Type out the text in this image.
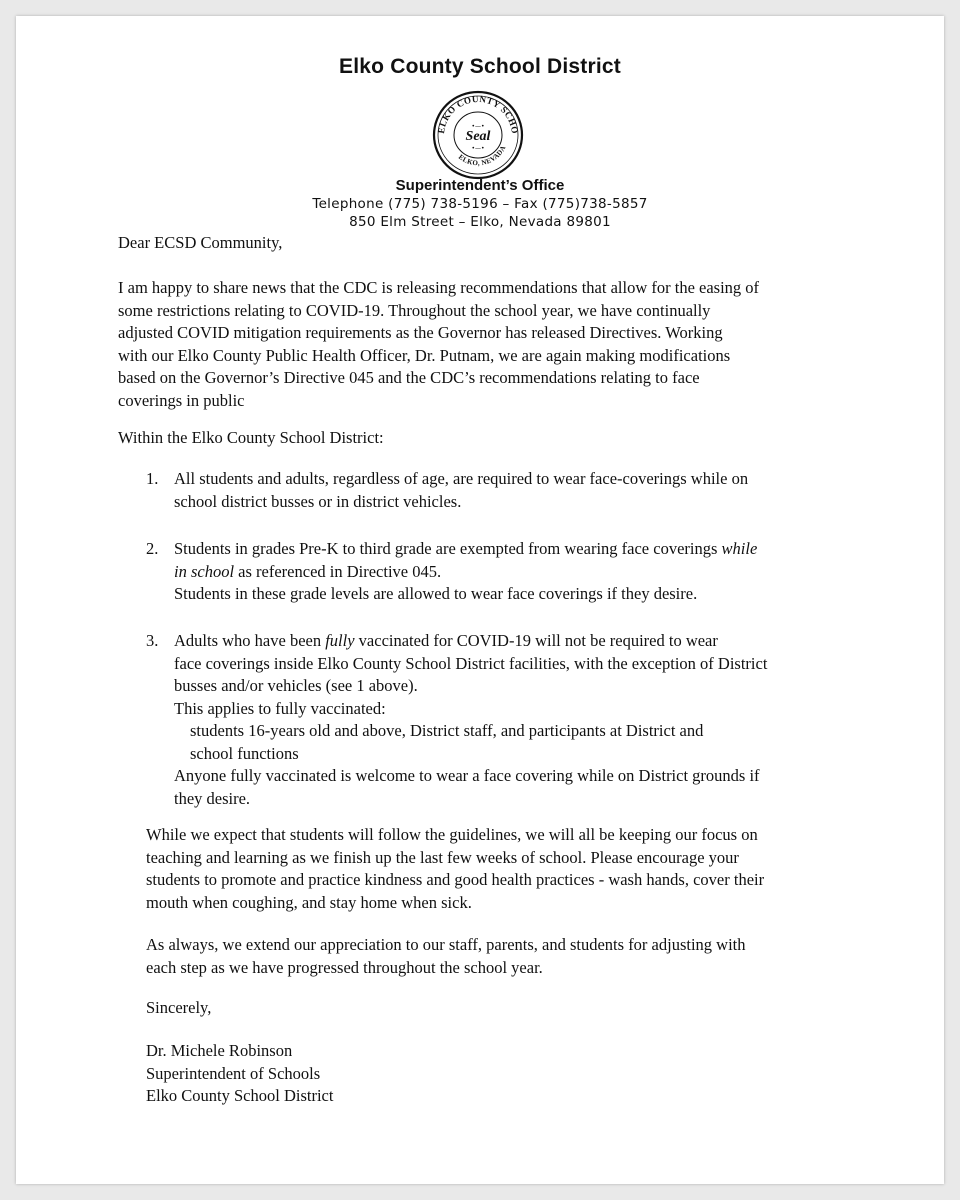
Elko County School District
ELKO COUNTY SCHO
ELKO, NEVADA
Seal
•—•
•—•
Superintendent’s Office
Telephone (775) 738-5196 – Fax (775)738-5857
850 Elm Street – Elko, Nevada 89801
Dear ECSD Community,
I am happy to share news that the CDC is releasing recommendations that allow for the easing of
some restrictions relating to COVID-19. Throughout the school year, we have continually
adjusted COVID mitigation requirements as the Governor has released Directives. Working
with our Elko County Public Health Officer, Dr. Putnam, we are again making modifications
based on the Governor’s Directive 045 and the CDC’s recommendations relating to face
coverings in public
Within the Elko County School District:
1. All students and adults, regardless of age, are required to wear face-coverings while on
school district busses or in district vehicles.
2. Students in grades Pre-K to third grade are exempted from wearing face coverings while
in school as referenced in Directive 045.
Students in these grade levels are allowed to wear face coverings if they desire.
3. Adults who have been fully vaccinated for COVID-19 will not be required to wear
face coverings inside Elko County School District facilities, with the exception of District
busses and/or vehicles (see 1 above).
This applies to fully vaccinated:
students 16-years old and above, District staff, and participants at District and
school functions
Anyone fully vaccinated is welcome to wear a face covering while on District grounds if
they desire.
While we expect that students will follow the guidelines, we will all be keeping our focus on
teaching and learning as we finish up the last few weeks of school. Please encourage your
students to promote and practice kindness and good health practices - wash hands, cover their
mouth when coughing, and stay home when sick.
As always, we extend our appreciation to our staff, parents, and students for adjusting with
each step as we have progressed throughout the school year.
Sincerely,
Dr. Michele Robinson
Superintendent of Schools
Elko County School District
